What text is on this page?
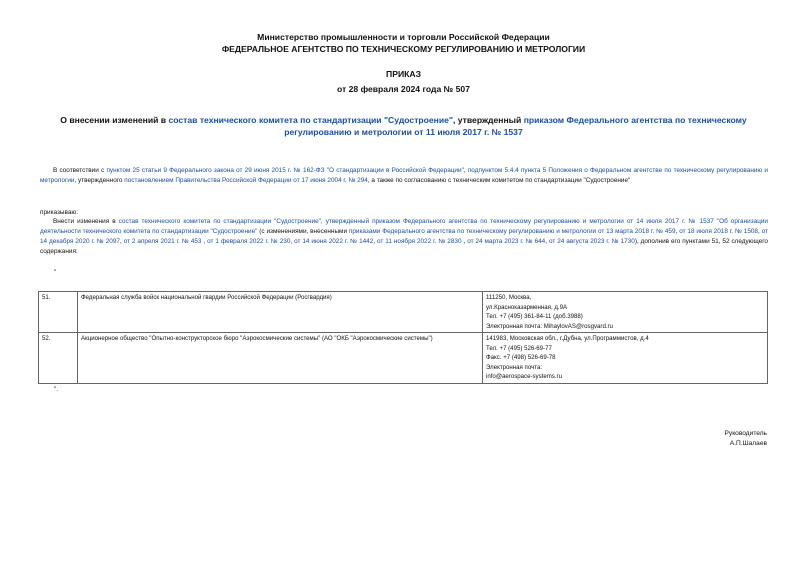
Министерство промышленности и торговли Российской Федерации
ФЕДЕРАЛЬНОЕ АГЕНТСТВО ПО ТЕХНИЧЕСКОМУ РЕГУЛИРОВАНИЮ И МЕТРОЛОГИИ
ПРИКАЗ
от 28 февраля 2024 года № 507
О внесении изменений в состав технического комитета по стандартизации "Судостроение", утвержденный приказом Федерального агентства по техническому регулированию и метрологии от 11 июля 2017 г. № 1537
В соответствии с пунктом 25 статьи 9 Федерального закона от 29 июня 2015 г. № 162-ФЗ "О стандартизации в Российской Федерации", подпунктом 5.4.4 пункта 5 Положения о Федеральном агентстве по техническому регулированию и метрологии, утвержденного постановлением Правительства Российской Федерации от 17 июня 2004 г. № 294, а также по согласованию с техническим комитетом по стандартизации "Судостроение"
приказываю:
Внести изменения в состав технического комитета по стандартизации "Судостроение", утвержденный приказом Федерального агентства по техническому регулированию и метрологии от 14 июля 2017 г. № 1537 "Об организации деятельности технического комитета по стандартизации "Судостроение" (с изменениями, внесенными приказами Федерального агентства по техническому регулированию и метрологии от 13 марта 2018 г. № 459, от 18 июля 2018 г. № 1508, от 14 декабря 2020 г. № 2097, от 2 апреля 2021 г. № 453 , от 1 февраля 2022 г. № 230, от 14 июня 2022 г. № 1442, от 11 ноября 2022 г. № 2830 , от 24 марта 2023 г. № 644, от 24 августа 2023 г. № 1730), дополнив его пунктами 51, 52 следующего содержания:
"
51.	Федеральная служба войск национальной гвардии Российской Федерации (Росгвардия)	111250, Москва,
ул.Красноказарменная, д.9А
Тел. +7 (495) 361-84-11 (доб.3988)
Электронная почта: MihaylovAS@rosgvard.ru

52.	Акционерное общество "Опытно-конструкторское бюро "Аэрокосмические системы" (АО "ОКБ "Аэрокосмические системы")	141983, Московская обл., г.Дубна, ул.Программистов, д.4
Тел. +7 (495) 526-69-77
Факс. +7 (498) 526-69-78
Электронная почта:
info@aerospace-systems.ru
".
Руководитель
А.П.Шалаев
